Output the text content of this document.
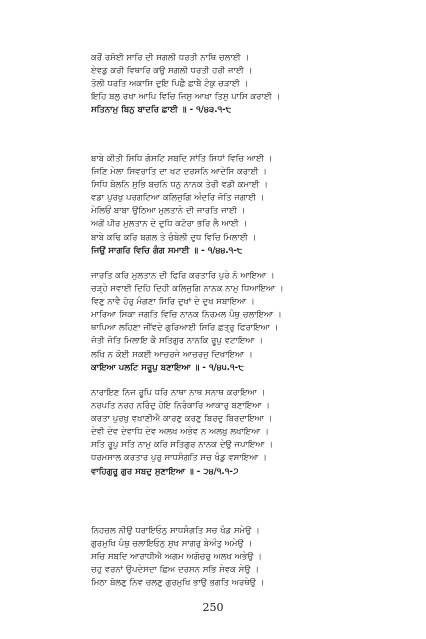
ਕਰੌਂ ਰਸੋਈ ਸਾਰਿ ਦੀ ਸਗਲੀ ਧਰਤੀ ਨਾਥਿ ਚਲਾਈ ।
ਏਵਡੁ ਕਰੀ ਵਿਥਾਰਿ ਕਉ ਸਗਲੀ ਧਰਤੀ ਹਰੀ ਜਾਈ ।
ਤੋਲੀ ਧਰਤਿ ਅਕਾਸਿ ਦੁਇ ਪਿਛੈ ਛਾਬੈ ਟੰਕੁ ਚੜਾਈ ।
ਇਹਿ ਬਲੁ ਰਖਾ ਆਪਿ ਵਿਚਿ ਜਿਸੁ ਆਖਾ ਤਿਸੁ ਪਾਸਿ ਕਰਾਈ ।
ਸਤਿਨਾਮੁ ਬਿਨੁ ਬਾਦਰਿ ਛਾਈ ॥ - ੧/੪੩.੧-੮
ਬਾਬੇ ਕੀਤੀ ਸਿਧਿ ਗੋਸਟਿ ਸਬਦਿ ਸਾਂਤਿ ਸਿਧਾਂ ਵਿਚਿ ਆਈ ।
ਜਿਣਿ ਮੇਲਾ ਸਿਵਰਾਤਿ ਦਾ ਖਟ ਦਰਸਨਿ ਆਦੇਸਿ ਕਰਾਈ ।
ਸਿਧਿ ਬੋਲਨਿ ਸੁਭਿ ਬਚਨਿ ਧਨੁ ਨਾਨਕ ਤੇਰੀ ਵਡੀ ਕਮਾਈ ।
ਵਡਾ ਪੁਰਖੁ ਪਰਗਟਿਆ ਕਲਿਜੁਗਿ ਅੰਦਰਿ ਜੋਤਿ ਜਗਾਈ ।
ਮੇਲਿਓਂ ਬਾਬਾ ਉਠਿਆ ਮੁਲਤਾਨੇ ਦੀ ਜਾਰਤਿ ਜਾਈ ।
ਅਗੋਂ ਪੀਰ ਮੁਲਤਾਨ ਦੇ ਦੁਧਿ ਕਟੋਰਾ ਭਰਿ ਲੈ ਆਈ ।
ਬਾਬੇ ਕਢਿ ਕਰਿ ਬਗਲ ਤੇ ਚੰਬੇਲੀ ਦੁਧ ਵਿਚਿ ਮਿਲਾਈ ।
ਜਿਉਂ ਸਾਗਰਿ ਵਿਚਿ ਗੰਗ ਸਮਾਈ ॥ - ੧/੪੪.੧-੮
ਜਾਰਤਿ ਕਰਿ ਮੁਲਤਾਨ ਦੀ ਫਿਰਿ ਕਰਤਾਰਿ ਪੁਰੇ ਨੋ ਆਇਆ ।
ਚੜ੍ਹੇ ਸਵਾਈ ਦਿਹਿ ਦਿਹੀ ਕਲਿਜੁਗਿ ਨਾਨਕ ਨਾਮੁ ਧਿਆਇਆ ।
ਵਿਣੁ ਨਾਵੈ ਹੋਰੁ ਮੰਗਣਾ ਸਿਰਿ ਦੁਖਾਂ ਦੇ ਦੁਖ ਸਬਾਇਆ ।
ਮਾਰਿਆ ਸਿਕਾ ਜਗਤਿ ਵਿਚਿ ਨਾਨਕ ਨਿਰਮਲ ਪੰਥੁ ਚਲਾਇਆ ।
ਥਾਪਿਆ ਲਹਿਣਾ ਜੀਂਵਦੇ ਗੁਰਿਆਈ ਸਿਰਿ ਛਤ੍ਰੁ ਫਿਰਾਇਆ ।
ਜੋਤੀ ਜੋਤਿ ਮਿਲਾਇ ਕੈ ਸਤਿਗੁਰ ਨਾਨਕਿ ਰੂਪੁ ਵਟਾਇਆ ।
ਲਖਿ ਨ ਕੋਈ ਸਕਈ ਆਚਰਜੇ ਆਚਰਜੁ ਦਿਖਾਇਆ ।
ਕਾਇਆ ਪਲਟਿ ਸਰੂਪੁ ਬਣਾਇਆ ॥ - ੧/੪੫.੧-੮
ਨਾਰਾਇਣ ਨਿਜ ਰੂਪਿ ਧਰਿ ਨਾਥਾ ਨਾਥ ਸਨਾਥ ਕਰਾਇਆ ।
ਨਰਪਤਿ ਨਰਹ ਨਰਿੰਦੁ ਹੋਇ ਨਿਰੰਕਾਰਿ ਆਕਾਰੁ ਬਣਾਇਆ ।
ਕਰਤਾ ਪੁਰਖੁ ਵਖਾਣੀਐ ਕਾਰਣੁ ਕਰਣੁ ਬਿਰਦੁ ਬਿਰਦਾਇਆ ।
ਦੇਵੀ ਦੇਵ ਦੇਵਾਧਿ ਦੇਵ ਅਲਖ ਅਭੇਵ ਨ ਅਲਖੁ ਲਖਾਇਆ ।
ਸਤਿ ਰੂਪੁ ਸਤਿ ਨਾਮੁ ਕਰਿ ਸਤਿਗੁਰ ਨਾਨਕ ਦੇਉ ਜਪਾਇਆ ।
ਧਰਮਸਾਲ ਕਰਤਾਰ ਪੁਰੁ ਸਾਧਸੰਗਤਿ ਸਚ ਖੰਡੁ ਵਸਾਇਆ ।
ਵਾਹਿਗੁਰੂ ਗੁਰ ਸਬਦੁ ਸੁਣਾਇਆ ॥ - ੨੪/੧.੧-੭
ਨਿਹਚਲ ਨੀਉ ਧਰਾਇਓਨੁ ਸਾਧਸੰਗਤਿ ਸਚ ਖੰਡ ਸਮੇਉ ।
ਗੁਰਮੁਖਿ ਪੰਥੁ ਚਲਾਇਓਨੁ ਸੁਖ ਸਾਗਰੁ ਬੇਅੰਤੁ ਅਮੇਉ ।
ਸਚਿ ਸਬਦਿ ਆਰਾਧੀਐ ਅਗਮ ਅਗੋਚਰੁ ਅਲਖ ਅਭੇਉ ।
ਚਹੁ ਵਰਨਾਂ ਉਪਦੇਸਦਾ ਛਿਅ ਦਰਸਨ ਸਭਿ ਸੇਵਕ ਸੇਉ ।
ਮਿਠਾ ਬੋਲਣੁ ਨਿਵ ਚਲਣੁ ਗੁਰਮੁਖਿ ਭਾਉ ਭਗਤਿ ਅਰਥੇਉ ।
250
